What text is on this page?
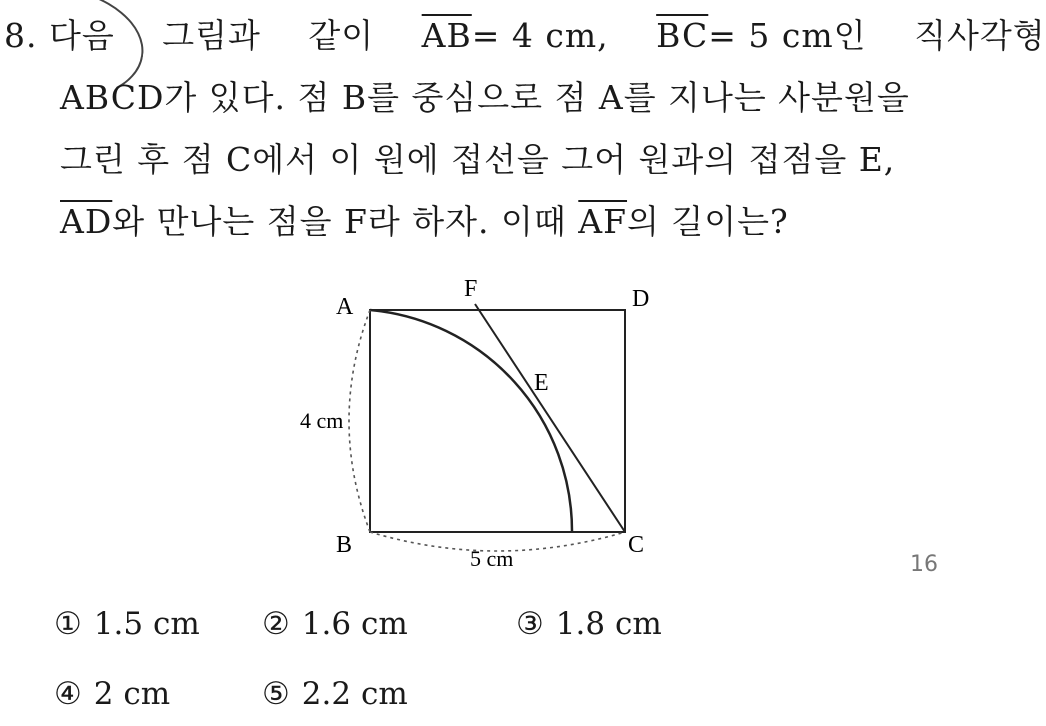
8. 다음 그림과 같이 $\overline{AB}= 4$ cm, $\overline{BC}= 5$ cm인 직사각형
ABCD가 있다. 점 B를 중심으로 점 A를 지나는 사분원을
그린 후 점 C에서 이 원에 접선을 그어 원과의 접점을 E,
$\overline{AD}$와 만나는 점을 F라 하자. 이때 $\overline{AF}$의 길이는?
A	D
B	C
E
F
4 cm
5 cm
① 1.5 cm ② 1.6 cm	③ 1.8 cm
④ 2 cm	⑤ 2.2 cm
16
